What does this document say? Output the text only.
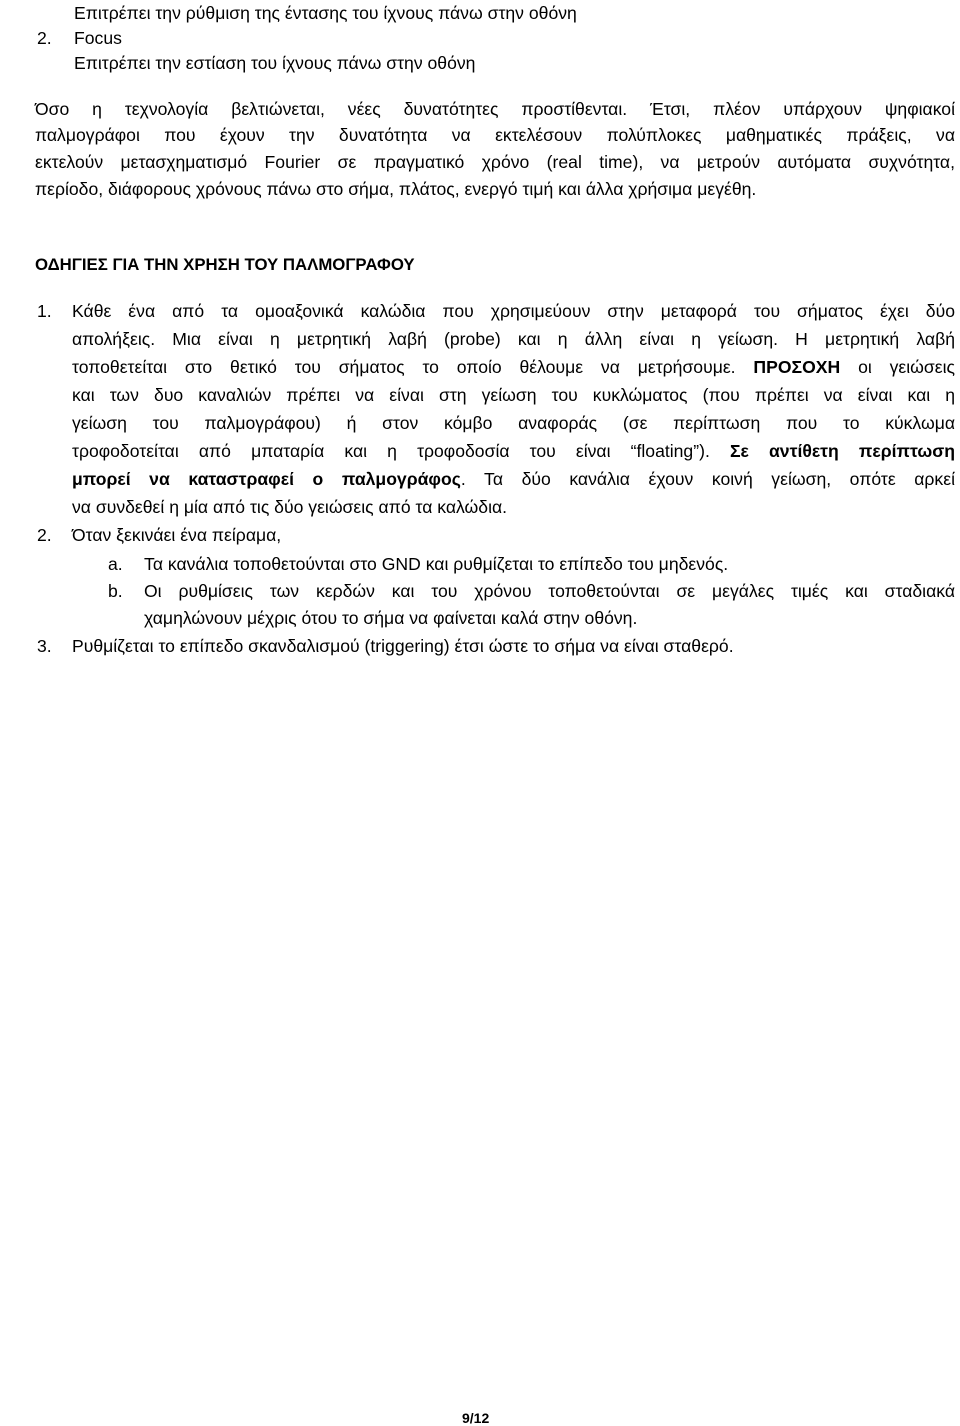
Επιτρέπει την ρύθμιση της έντασης του ίχνους πάνω στην οθόνη
2. Focus
Επιτρέπει την εστίαση του ίχνους πάνω στην οθόνη
Όσο η τεχνολογία βελτιώνεται, νέες δυνατότητες προστίθενται. Έτσι, πλέον υπάρχουν ψηφιακοί
παλμογράφοι που έχουν την δυνατότητα να εκτελέσουν πολύπλοκες μαθηματικές πράξεις, να
εκτελούν μετασχηματισμό Fourier σε πραγματικό χρόνο (real time), να μετρούν αυτόματα συχνότητα,
περίοδο, διάφορους χρόνους πάνω στο σήμα, πλάτος, ενεργό τιμή και άλλα χρήσιμα μεγέθη.
ΟΔΗΓΙΕΣ ΓΙΑ ΤΗΝ ΧΡΗΣΗ ΤΟΥ ΠΑΛΜΟΓΡΑΦΟΥ
1. Κάθε ένα από τα ομοαξονικά καλώδια που χρησιμεύουν στην μεταφορά του σήματος έχει δύο
απολήξεις. Μια είναι η μετρητική λαβή (probe) και η άλλη είναι η γείωση. Η μετρητική λαβή
τοποθετείται στο θετικό του σήματος το οποίο θέλουμε να μετρήσουμε. ΠΡΟΣΟΧΗ οι γειώσεις
και των δυο καναλιών πρέπει να είναι στη γείωση του κυκλώματος (που πρέπει να είναι και η
γείωση του παλμογράφου) ή στον κόμβο αναφοράς (σε περίπτωση που το κύκλωμα
τροφοδοτείται από μπαταρία και η τροφοδοσία του είναι “floating”). Σε αντίθετη περίπτωση
μπορεί να καταστραφεί ο παλμογράφος. Τα δύο κανάλια έχουν κοινή γείωση, οπότε αρκεί
να συνδεθεί η μία από τις δύο γειώσεις από τα καλώδια.
2. Όταν ξεκινάει ένα πείραμα,
a. Τα κανάλια τοποθετούνται στο GND και ρυθμίζεται το επίπεδο του μηδενός.
b. Οι ρυθμίσεις των κερδών και του χρόνου τοποθετούνται σε μεγάλες τιμές και σταδιακά
χαμηλώνουν μέχρις ότου το σήμα να φαίνεται καλά στην οθόνη.
3. Ρυθμίζεται το επίπεδο σκανδαλισμού (triggering) έτσι ώστε το σήμα να είναι σταθερό.
9/12
